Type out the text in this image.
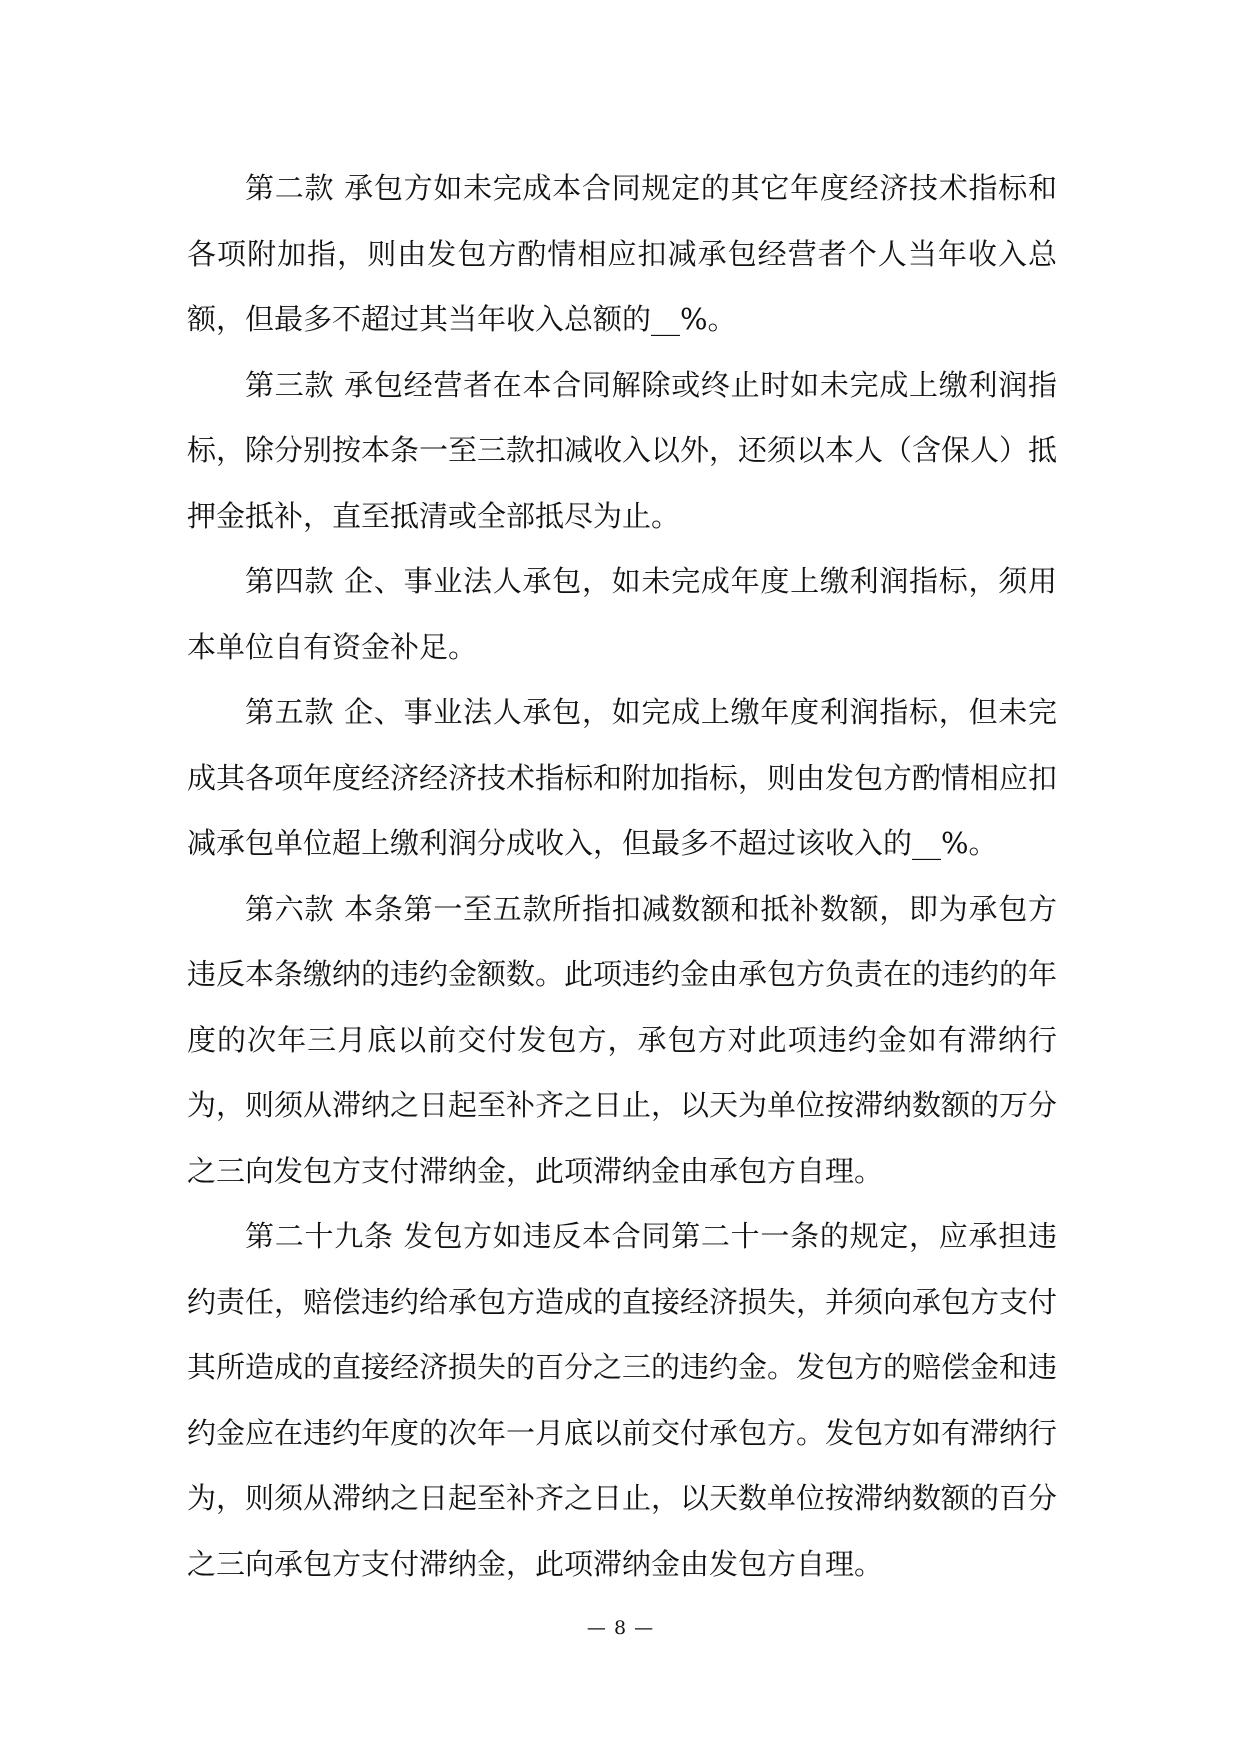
第二款 承包方如未完成本合同规定的其它年度经济技术指标和各项附加指，则由发包方酌情相应扣减承包经营者个人当年收入总额，但最多不超过其当年收入总额的__%。

第三款 承包经营者在本合同解除或终止时如未完成上缴利润指标，除分别按本条一至三款扣减收入以外，还须以本人（含保人）抵押金抵补，直至抵清或全部抵尽为止。

第四款 企、事业法人承包，如未完成年度上缴利润指标，须用本单位自有资金补足。

第五款 企、事业法人承包，如完成上缴年度利润指标，但未完成其各项年度经济经济技术指标和附加指标，则由发包方酌情相应扣减承包单位超上缴利润分成收入，但最多不超过该收入的__%。

第六款 本条第一至五款所指扣减数额和抵补数额，即为承包方违反本条缴纳的违约金额数。此项违约金由承包方负责在的违约的年度的次年三月底以前交付发包方，承包方对此项违约金如有滞纳行为，则须从滞纳之日起至补齐之日止，以天为单位按滞纳数额的万分之三向发包方支付滞纳金，此项滞纳金由承包方自理。

第二十九条 发包方如违反本合同第二十一条的规定，应承担违约责任，赔偿违约给承包方造成的直接经济损失，并须向承包方支付其所造成的直接经济损失的百分之三的违约金。发包方的赔偿金和违约金应在违约年度的次年一月底以前交付承包方。发包方如有滞纳行为，则须从滞纳之日起至补齐之日止，以天数单位按滞纳数额的百分之三向承包方支付滞纳金，此项滞纳金由发包方自理。

— 8 —
